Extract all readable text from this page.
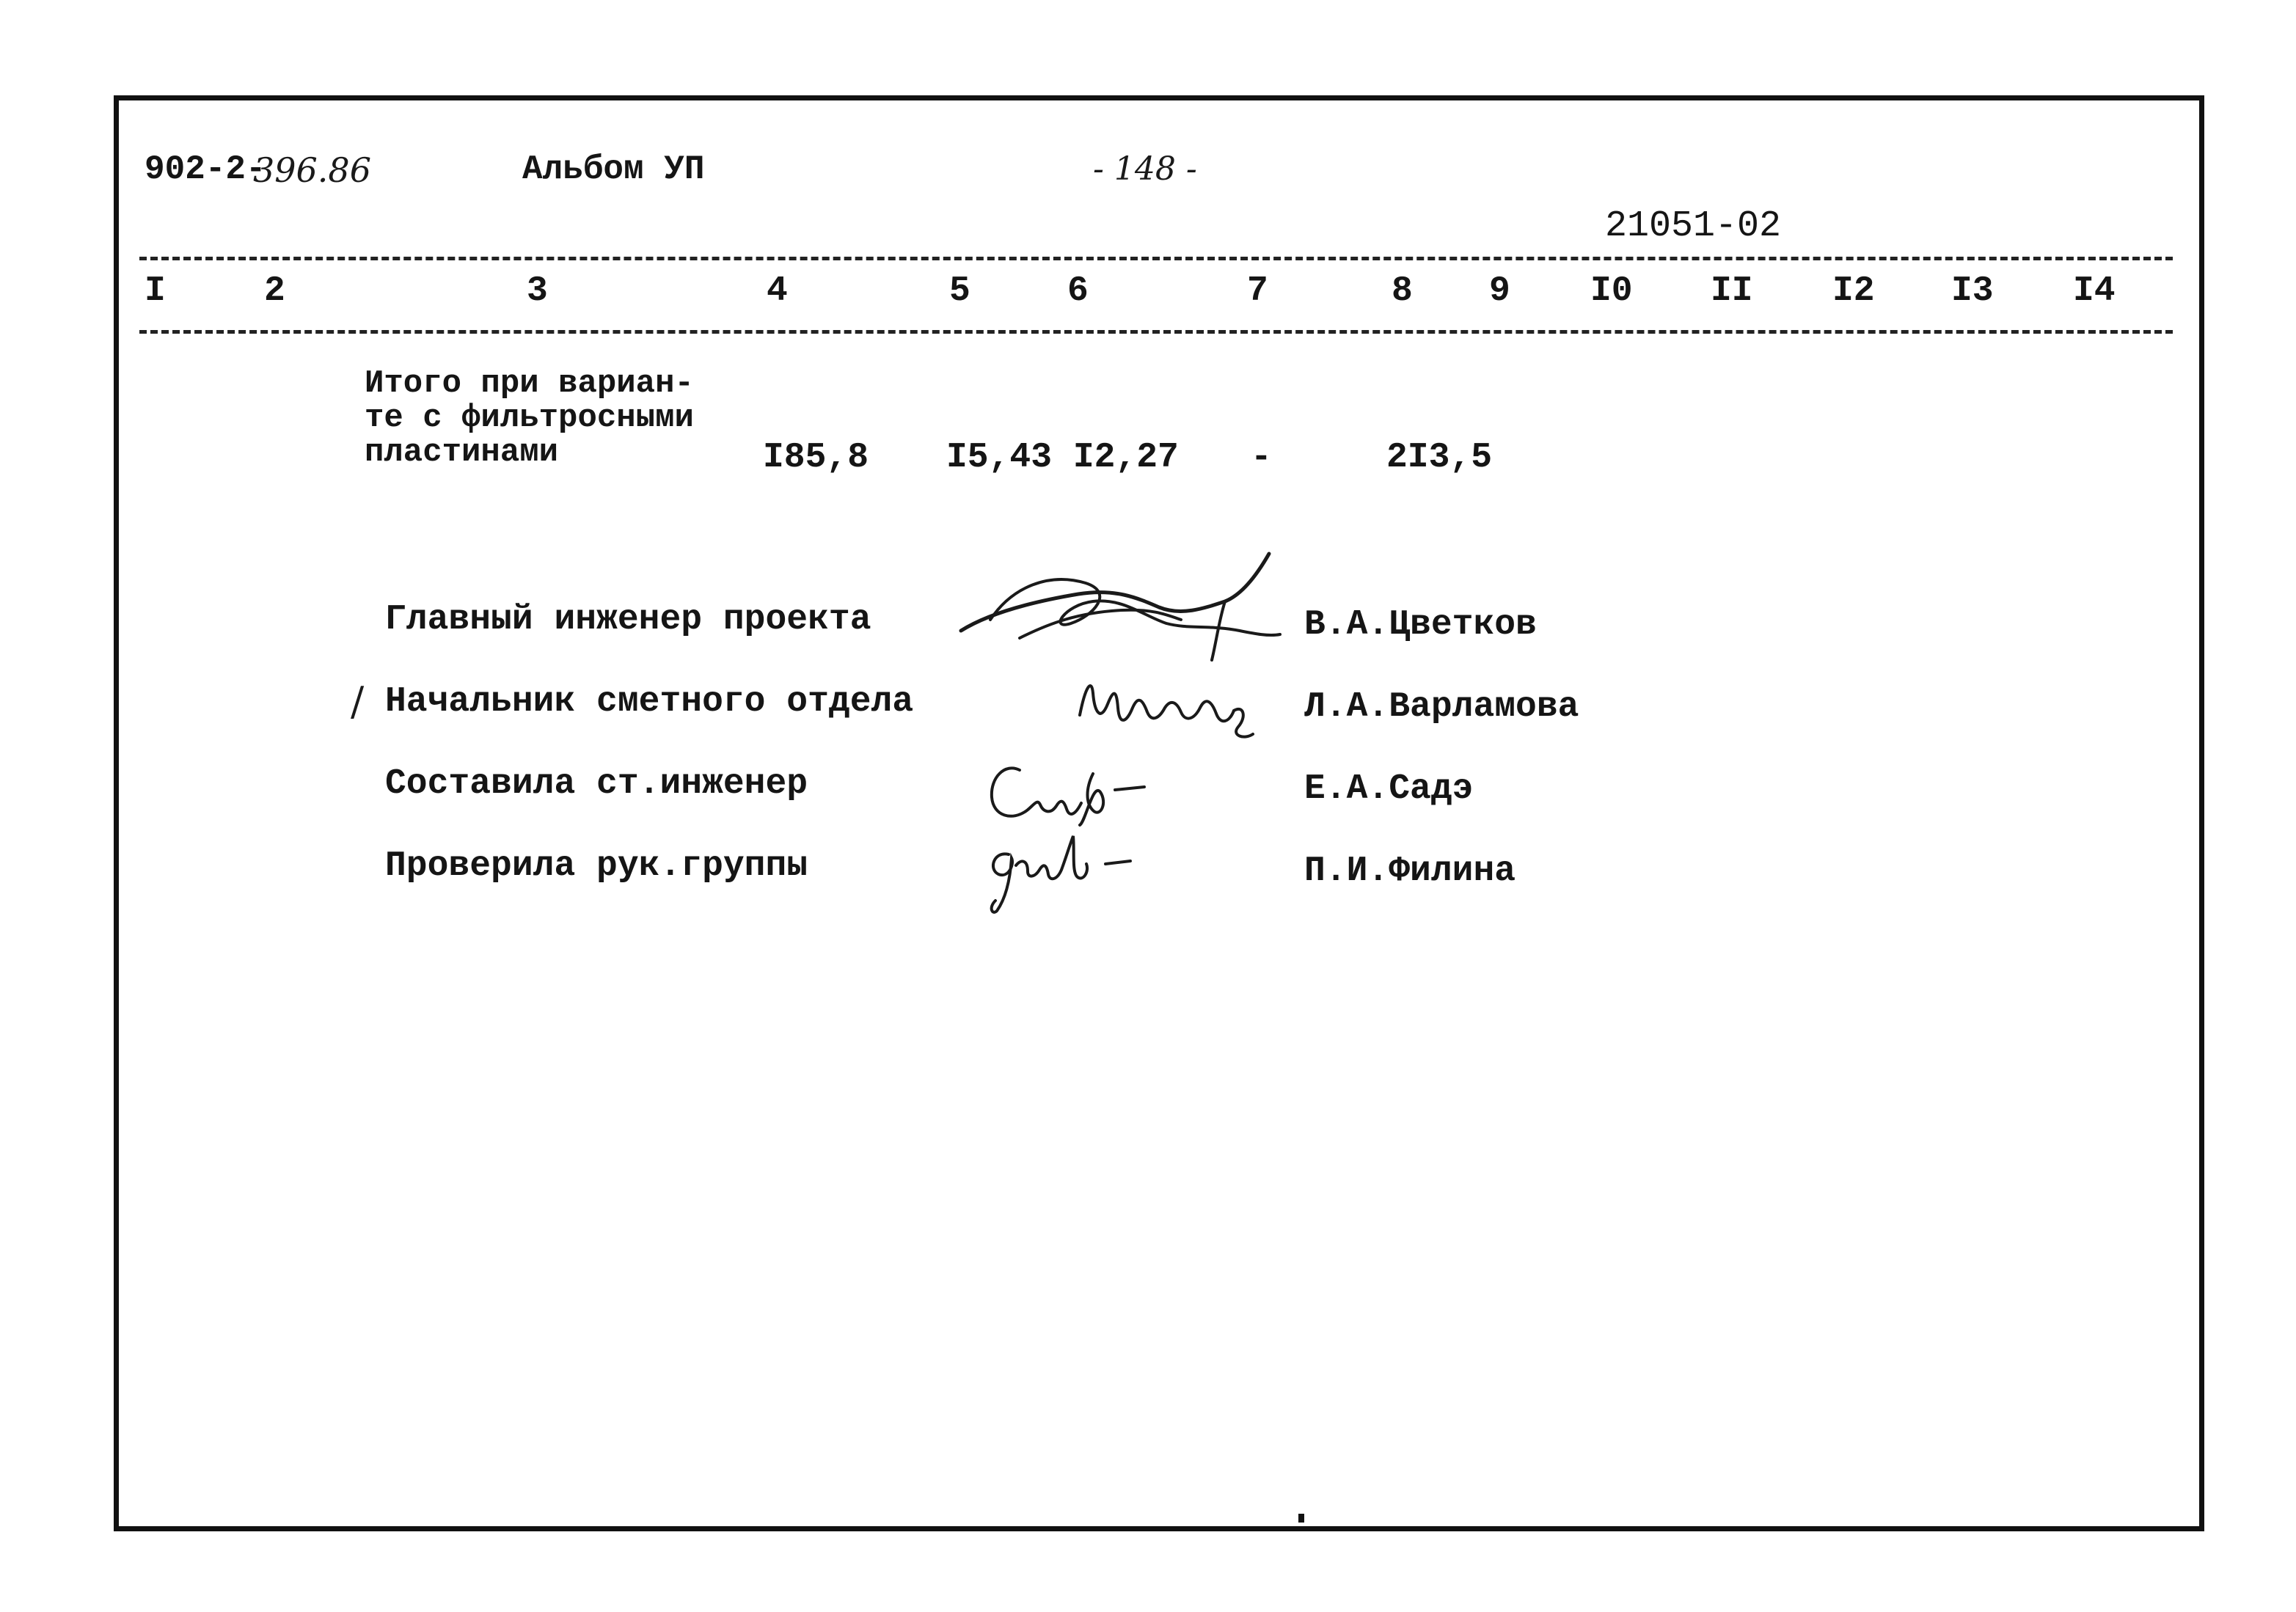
902-2-
396.86	Альбом УП	- 148 -
21051-02
I	2	3	4	5	6	7	8 9 I0 II I2 I3 I4
Итого при вариан-
те с фильтросными
пластинами	I85,8 I5,43 I2,27 -	2I3,5
Главный инженер проекта	В.А.Цветков
/ Начальник сметного отдела	Л.А.Варламова
Составила ст.инженер	Е.А.Садэ
Проверила рук.группы	П.И.Филина
